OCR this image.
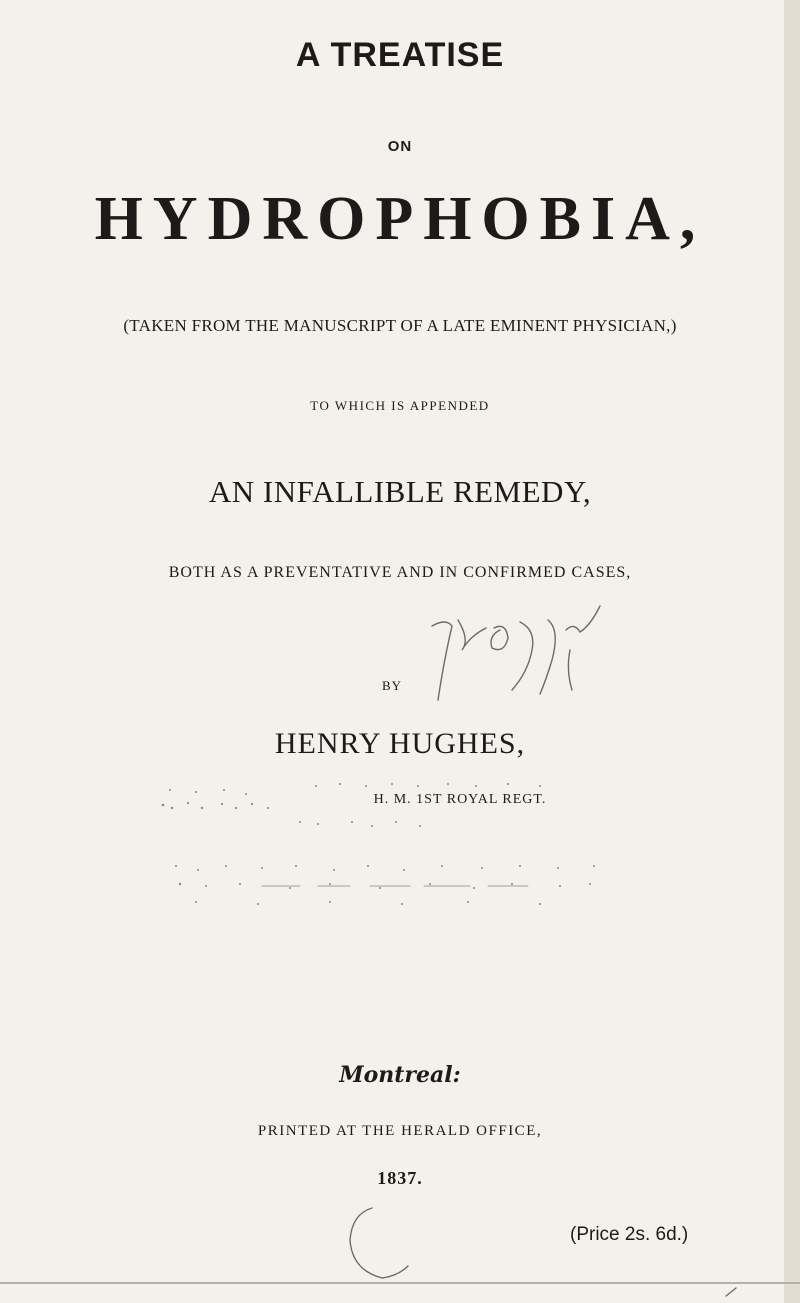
A TREATISE
ON
HYDROPHOBIA,
(TAKEN FROM THE MANUSCRIPT OF A LATE EMINENT PHYSICIAN,)
TO WHICH IS APPENDED
AN INFALLIBLE REMEDY,
BOTH AS A PREVENTATIVE AND IN CONFIRMED CASES,
BY
HENRY HUGHES,
H. M. 1ST ROYAL REGT.
Montreal:
PRINTED AT THE HERALD OFFICE,
1837.
(Price 2s. 6d.)
